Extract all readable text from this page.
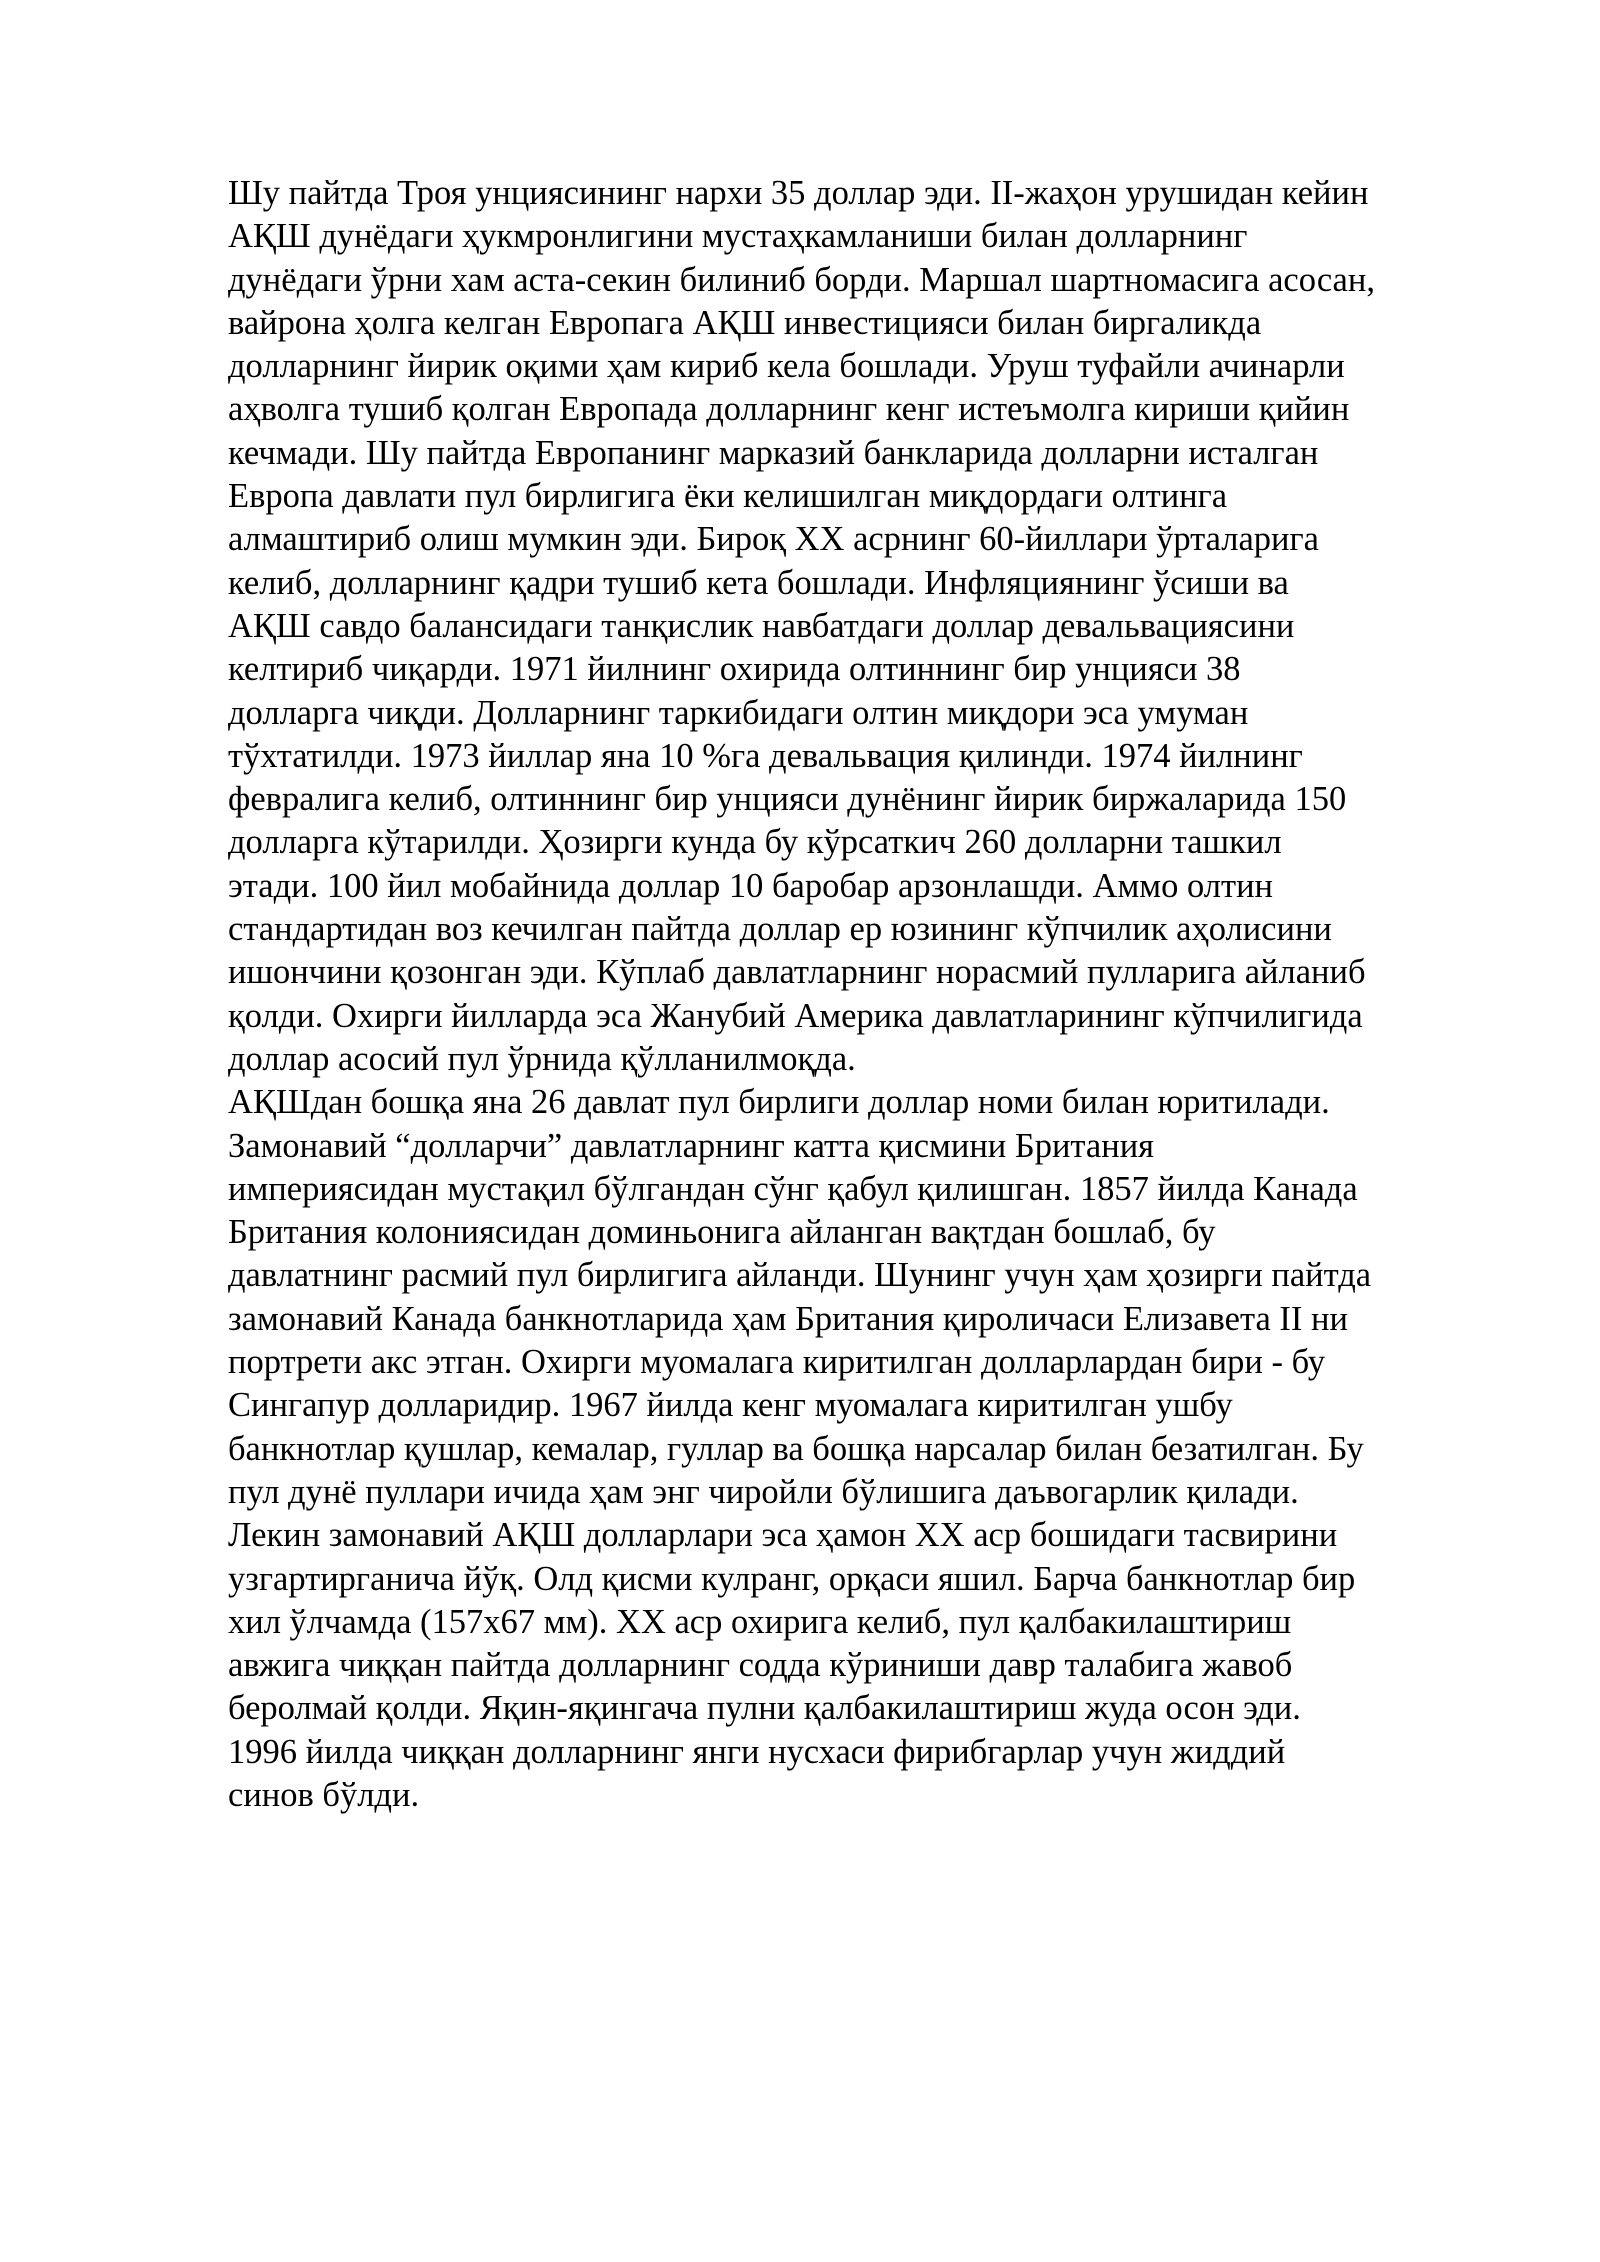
Шу пайтда Троя унциясининг нархи 35 доллар эди. II-жаҳон урушидан кейин
АҚШ дунёдаги ҳукмронлигини мустаҳкамланиши билан долларнинг
дунёдаги ўрни хам аста-секин билиниб борди. Маршал шартномасига асосан,
вайрона ҳолга келган Европага АҚШ инвестицияси билан биргаликда
долларнинг йирик оқими ҳам кириб кела бошлади. Уруш туфайли ачинарли
аҳволга тушиб қолган Европада долларнинг кенг истеъмолга кириши қийин
кечмади. Шу пайтда Европанинг марказий банкларида долларни исталган
Европа давлати пул бирлигига ёки келишилган миқдордаги олтинга
алмаштириб олиш мумкин эди. Бироқ XX асрнинг 60-йиллари ўрталарига
келиб, долларнинг қадри тушиб кета бошлади. Инфляциянинг ўсиши ва
АҚШ савдо балансидаги танқислик навбатдаги доллар девальвациясини
келтириб чиқарди. 1971 йилнинг охирида олтиннинг бир унцияси 38
долларга чиқди. Долларнинг таркибидаги олтин миқдори эса умуман
тўхтатилди. 1973 йиллар яна 10 %га девальвация қилинди. 1974 йилнинг
февралига келиб, олтиннинг бир унцияси дунёнинг йирик биржаларида 150
долларга кўтарилди. Ҳозирги кунда бу кўрсаткич 260 долларни ташкил
этади. 100 йил мобайнида доллар 10 баробар арзонлашди. Аммо олтин
стандартидан воз кечилган пайтда доллар ер юзининг кўпчилик аҳолисини
ишончини қозонган эди. Кўплаб давлатларнинг норасмий пулларига айланиб
қолди. Охирги йилларда эса Жанубий Америка давлатларининг кўпчилигида
доллар асосий пул ўрнида қўлланилмоқда.
АҚШдан бошқа яна 26 давлат пул бирлиги доллар номи билан юритилади.
Замонавий “долларчи” давлатларнинг катта қисмини Британия
империясидан мустақил бўлгандан сўнг қабул қилишган. 1857 йилда Канада
Британия колониясидан доминьонига айланган вақтдан бошлаб, бу
давлатнинг расмий пул бирлигига айланди. Шунинг учун ҳам ҳозирги пайтда
замонавий Канада банкнотларида ҳам Британия қироличаси Елизавета II ни
портрети акс этган. Охирги муомалага киритилган долларлардан бири - бу
Сингапур долларидир. 1967 йилда кенг муомалага киритилган ушбу
банкнотлар қушлар, кемалар, гуллар ва бошқа нарсалар билан безатилган. Бу
пул дунё пуллари ичида ҳам энг чиройли бўлишига даъвогарлик қилади.
Лекин замонавий АҚШ долларлари эса ҳамон XX аср бошидаги тасвирини
узгартирганича йўқ. Олд қисми кулранг, орқаси яшил. Барча банкнотлар бир
хил ўлчамда (157x67 мм). XX аср охирига келиб, пул қалбакилаштириш
авжига чиққан пайтда долларнинг содда кўриниши давр талабига жавоб
беролмай қолди. Яқин-яқингача пулни қалбакилаштириш жуда осон эди.
1996 йилда чиққан долларнинг янги нусхаси фирибгарлар учун жиддий
синов бўлди.
